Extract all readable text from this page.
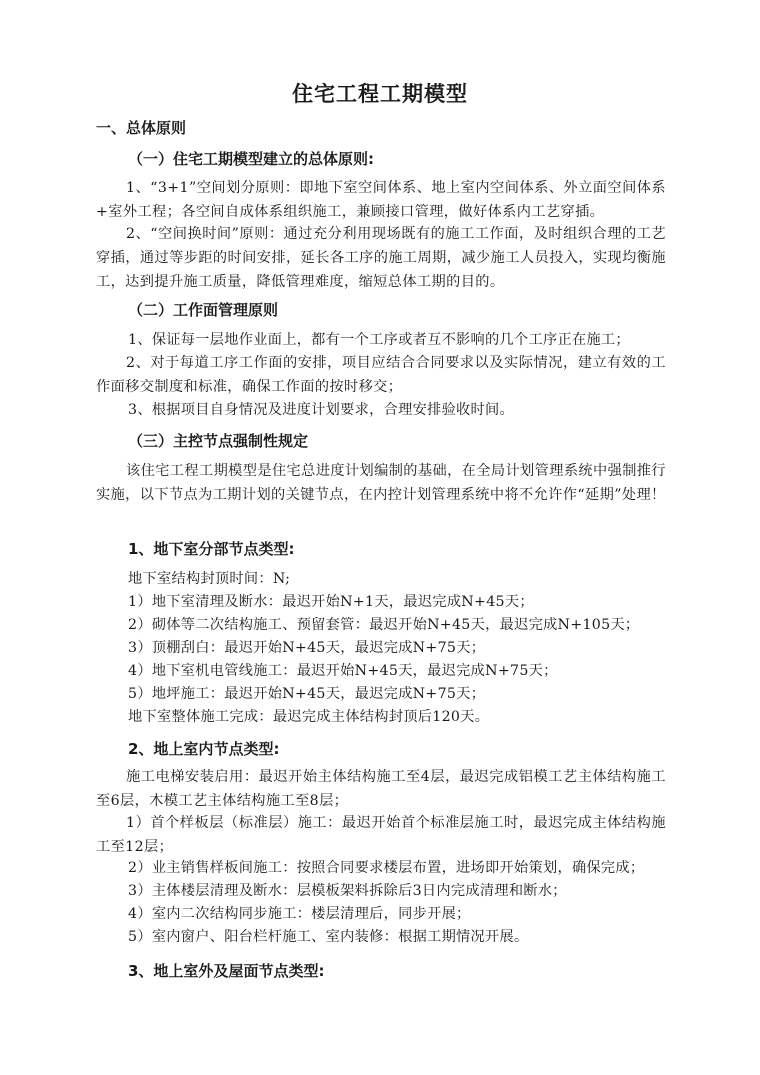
住宅工程工期模型
一、总体原则
（一）住宅工期模型建立的总体原则:

1、“3+1”空间划分原则：即地下室空间体系、地上室内空间体系、外立面空间体系+室外工程；各空间自成体系组织施工，兼顾接口管理，做好体系内工艺穿插。

2、“空间换时间”原则：通过充分利用现场既有的施工工作面，及时组织合理的工艺穿插，通过等步距的时间安排，延长各工序的施工周期，减少施工人员投入，实现均衡施工，达到提升施工质量，降低管理难度，缩短总体工期的目的。

（二）工作面管理原则
1、保证每一层地作业面上，都有一个工序或者互不影响的几个工序正在施工；

2、对于每道工序工作面的安排，项目应结合合同要求以及实际情况，建立有效的工作面移交制度和标准，确保工作面的按时移交；

3、根据项目自身情况及进度计划要求，合理安排验收时间。
（三）主控节点强制性规定

该住宅工程工期模型是住宅总进度计划编制的基础，在全局计划管理系统中强制推行实施，以下节点为工期计划的关键节点，在内控计划管理系统中将不允许作“延期”处理！

1、地下室分部节点类型:
地下室结构封顶时间：N;
1）地下室清理及断水：最迟开始N+1天，最迟完成N+45天；
2）砌体等二次结构施工、预留套管：最迟开始N+45天，最迟完成N+105天；
3）顶棚刮白：最迟开始N+45天，最迟完成N+75天；
4）地下室机电管线施工：最迟开始N+45天，最迟完成N+75天；
5）地坪施工：最迟开始N+45天，最迟完成N+75天；
地下室整体施工完成：最迟完成主体结构封顶后120天。
2、地上室内节点类型:

施工电梯安装启用：最迟开始主体结构施工至4层，最迟完成铝模工艺主体结构施工至6层，木模工艺主体结构施工至8层；

1）首个样板层（标准层）施工：最迟开始首个标准层施工时，最迟完成主体结构施工至12层；

2）业主销售样板间施工：按照合同要求楼层布置，进场即开始策划，确保完成；
3）主体楼层清理及断水：层模板架料拆除后3日内完成清理和断水；
4）室内二次结构同步施工：楼层清理后，同步开展；
5）室内窗户、阳台栏杆施工、室内装修：根据工期情况开展。
3、地上室外及屋面节点类型:
